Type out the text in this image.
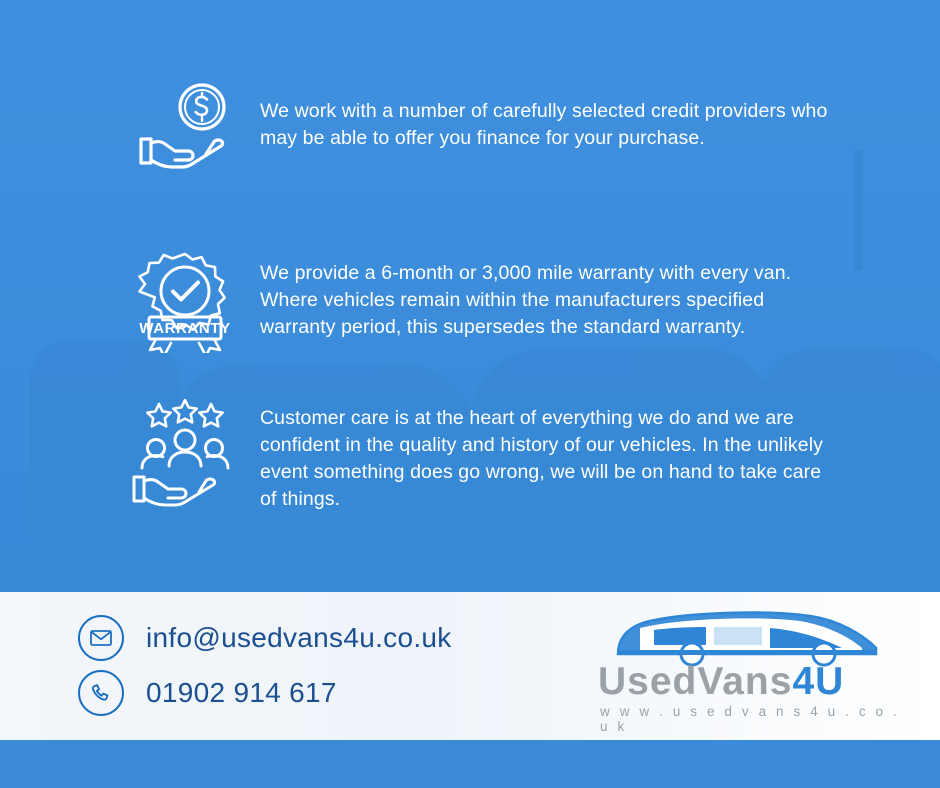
We work with a number of carefully selected credit providers who may be able to offer you finance for your purchase.
WARRANTY
We provide a 6-month or 3,000 mile warranty with every van. Where vehicles remain within the manufacturers specified warranty period, this supersedes the standard warranty.
Customer care is at the heart of everything we do and we are confident in the quality and history of our vehicles. In the unlikely event something does go wrong, we will be on hand to take care of things.
info@usedvans4u.co.uk
01902 914 617	UsedVans4U
w w w . u s e d v a n s 4 u . c o . u k
